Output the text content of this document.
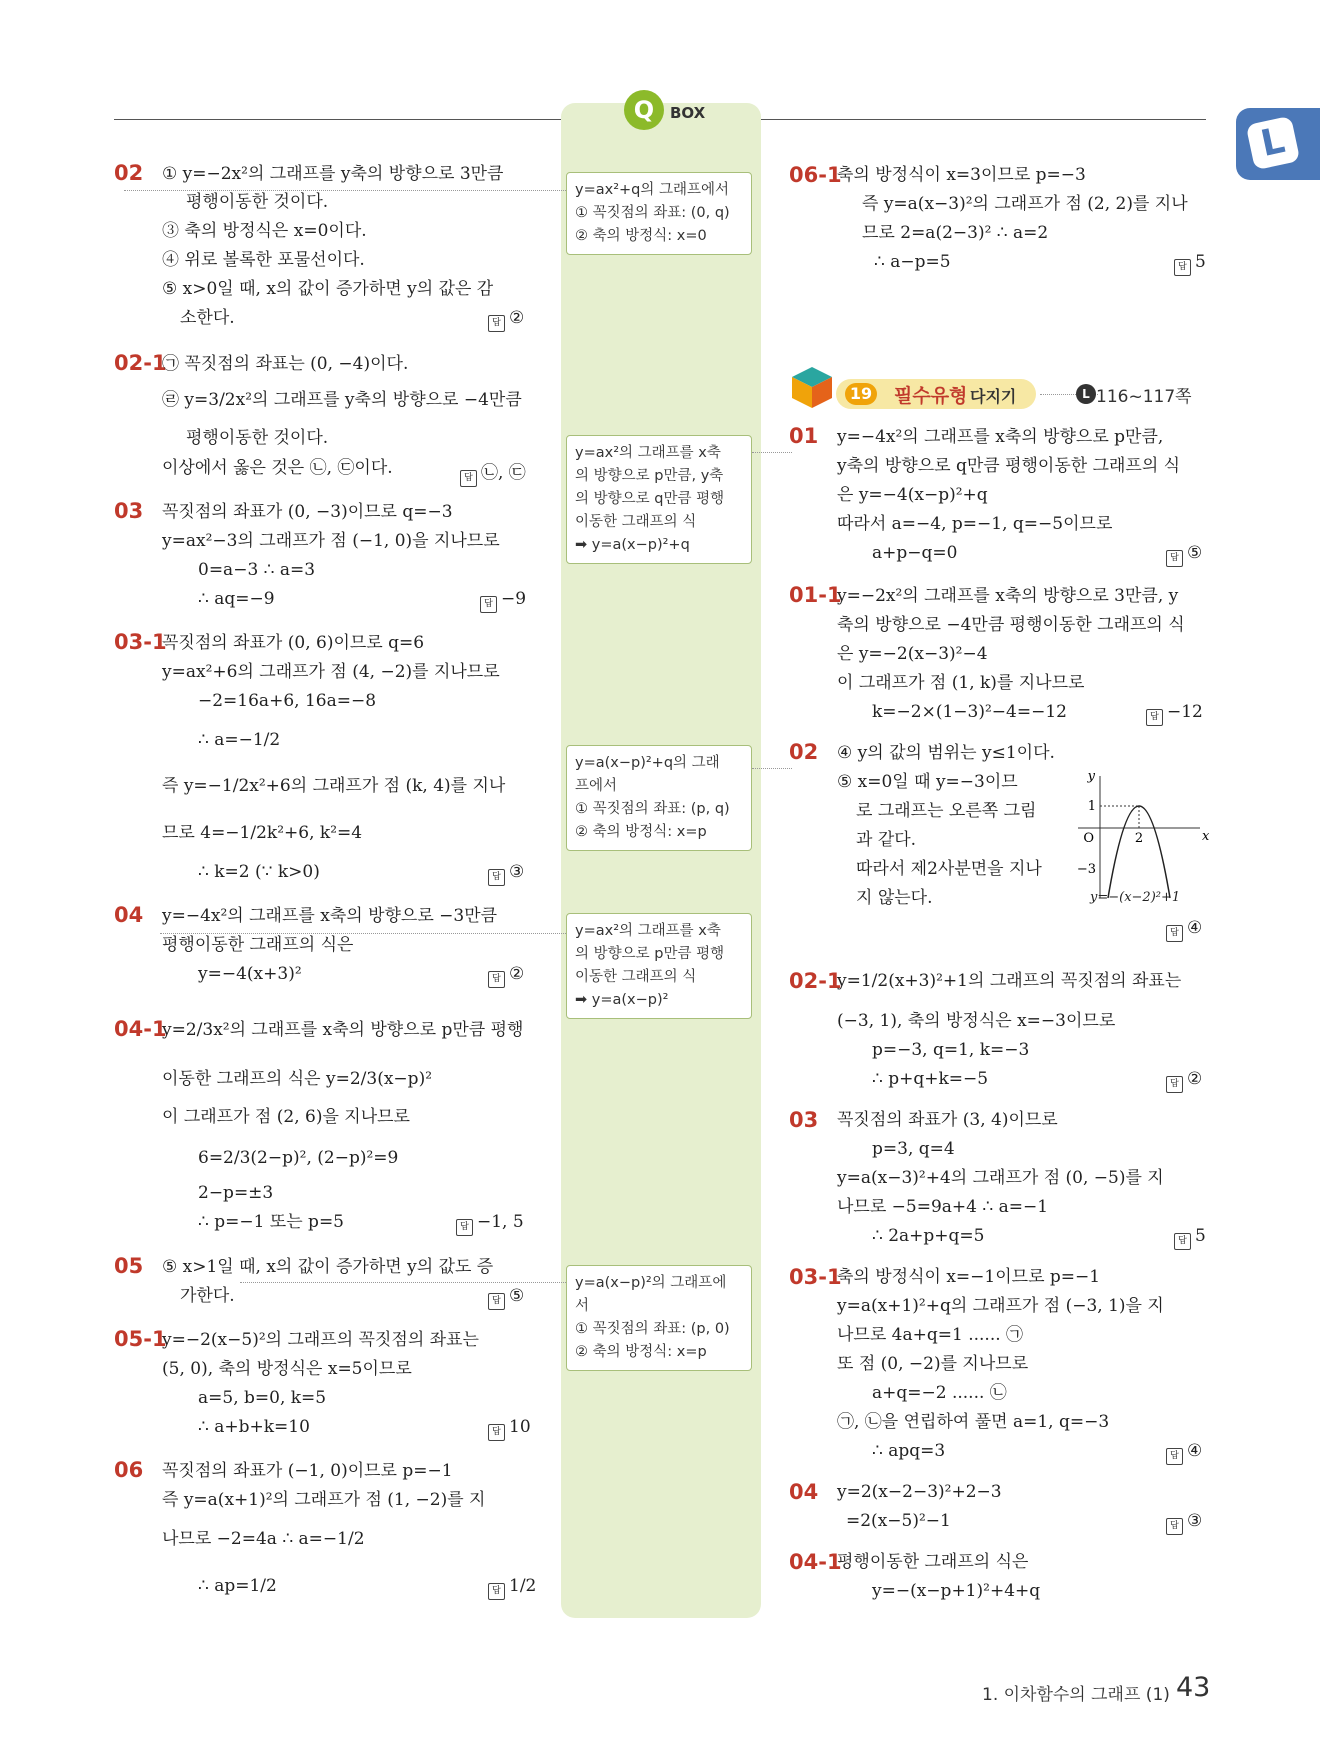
Q	BOX
L
y=ax²+q의 그래프에서
① 꼭짓점의 좌표: (0, q)
② 축의 방정식: x=0
y=ax²의 그래프를 x축
의 방향으로 p만큼, y축
의 방향으로 q만큼 평행
이동한 그래프의 식
➡ y=a(x−p)²+q
y=a(x−p)²+q의 그래
프에서
① 꼭짓점의 좌표: (p, q)
② 축의 방정식: x=p
y=ax²의 그래프를 x축
의 방향으로 p만큼 평행
이동한 그래프의 식
➡ y=a(x−p)²
y=a(x−p)²의 그래프에
서
① 꼭짓점의 좌표: (p, 0)
② 축의 방정식: x=p
02 ① y=−2x²의 그래프를 y축의 방향으로 3만큼
평행이동한 것이다.
③ 축의 방정식은 x=0이다.
④ 위로 볼록한 포물선이다.
⑤ x>0일 때, x의 값이 증가하면 y의 값은 감
소한다.	답 ②
02-1
㉠ 꼭짓점의 좌표는 (0, −4)이다.
㉣ y=3/2x²의 그래프를 y축의 방향으로 −4만큼
평행이동한 것이다.
이상에서 옳은 것은 ㉡, ㉢이다.	답 ㉡, ㉢
03 꼭짓점의 좌표가 (0, −3)이므로 q=−3
y=ax²−3의 그래프가 점 (−1, 0)을 지나므로
0=a−3 ∴ a=3
∴ aq=−9	답 −9
03-1
꼭짓점의 좌표가 (0, 6)이므로 q=6
y=ax²+6의 그래프가 점 (4, −2)를 지나므로
−2=16a+6, 16a=−8
∴ a=−1/2
즉 y=−1/2x²+6의 그래프가 점 (k, 4)를 지나
므로 4=−1/2k²+6, k²=4
∴ k=2 (∵ k>0)	답 ③
04 y=−4x²의 그래프를 x축의 방향으로 −3만큼
평행이동한 그래프의 식은
y=−4(x+3)²	답 ②
04-1
y=2/3x²의 그래프를 x축의 방향으로 p만큼 평행
이동한 그래프의 식은 y=2/3(x−p)²
이 그래프가 점 (2, 6)을 지나므로
6=2/3(2−p)², (2−p)²=9
2−p=±3
∴ p=−1 또는 p=5	답 −1, 5
05 ⑤ x>1일 때, x의 값이 증가하면 y의 값도 증
가한다.	답 ⑤
05-1
y=−2(x−5)²의 그래프의 꼭짓점의 좌표는
(5, 0), 축의 방정식은 x=5이므로
a=5, b=0, k=5
∴ a+b+k=10	답 10
06 꼭짓점의 좌표가 (−1, 0)이므로 p=−1
즉 y=a(x+1)²의 그래프가 점 (1, −2)를 지
나므로 −2=4a ∴ a=−1/2
∴ ap=1/2	답 1/2
06-1
축의 방정식이 x=3이므로 p=−3
즉 y=a(x−3)²의 그래프가 점 (2, 2)를 지나
므로 2=a(2−3)² ∴ a=2
∴ a−p=5	답 5
19 필수유형 다지기	L 116~117쪽
01 y=−4x²의 그래프를 x축의 방향으로 p만큼,
y축의 방향으로 q만큼 평행이동한 그래프의 식
은 y=−4(x−p)²+q
따라서 a=−4, p=−1, q=−5이므로
a+p−q=0	답 ⑤
01-1
y=−2x²의 그래프를 x축의 방향으로 3만큼, y
축의 방향으로 −4만큼 평행이동한 그래프의 식
은 y=−2(x−3)²−4
이 그래프가 점 (1, k)를 지나므로
k=−2×(1−3)²−4=−12	답 −12
02 ④ y의 값의 범위는 y≤1이다.
⑤ x=0일 때 y=−3이므
로 그래프는 오른쪽 그림
과 같다.
따라서 제2사분면을 지나
지 않는다.
답 ④
y
x
O	2
1
−3
y=−(x−2)²+1
02-1
y=1/2(x+3)²+1의 그래프의 꼭짓점의 좌표는
(−3, 1), 축의 방정식은 x=−3이므로
p=−3, q=1, k=−3
∴ p+q+k=−5	답 ②
03 꼭짓점의 좌표가 (3, 4)이므로
p=3, q=4
y=a(x−3)²+4의 그래프가 점 (0, −5)를 지
나므로 −5=9a+4 ∴ a=−1
∴ 2a+p+q=5	답 5
03-1
축의 방정식이 x=−1이므로 p=−1
y=a(x+1)²+q의 그래프가 점 (−3, 1)을 지
나므로 4a+q=1 ...... ㉠
또 점 (0, −2)를 지나므로
a+q=−2 ...... ㉡
㉠, ㉡을 연립하여 풀면 a=1, q=−3
∴ apq=3	답 ④
04 y=2(x−2−3)²+2−3
=2(x−5)²−1	답 ③
04-1
평행이동한 그래프의 식은
y=−(x−p+1)²+4+q
1. 이차함수의 그래프 (1) 43
